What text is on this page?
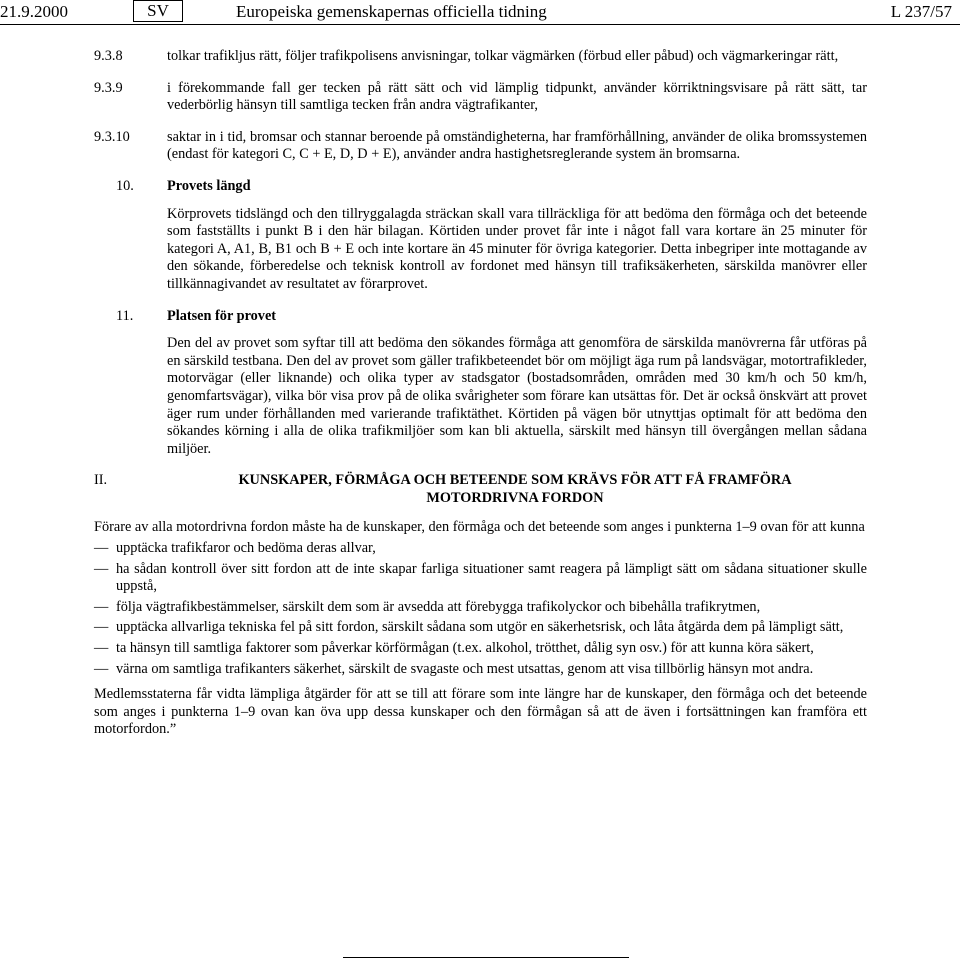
21.9.2000	SV	Europeiska gemenskapernas officiella tidning	L 237/57
9.3.8	tolkar trafikljus rätt, följer trafikpolisens anvisningar, tolkar vägmärken (förbud eller påbud) och vägmarkeringar rätt,
9.3.9	i förekommande fall ger tecken på rätt sätt och vid lämplig tidpunkt, använder körriktningsvisare på rätt sätt, tar vederbörlig hänsyn till samtliga tecken från andra vägtrafikanter,
9.3.10	saktar in i tid, bromsar och stannar beroende på omständigheterna, har framförhållning, använder de olika bromssystemen (endast för kategori C, C + E, D, D + E), använder andra hastighetsreglerande system än bromsarna.
10. Provets längd
Körprovets tidslängd och den tillryggalagda sträckan skall vara tillräckliga för att bedöma den förmåga och det beteende som fastställts i punkt B i den här bilagan. Körtiden under provet får inte i något fall vara kortare än 25 minuter för kategori A, A1, B, B1 och B + E och inte kortare än 45 minuter för övriga kategorier. Detta inbegriper inte mottagande av den sökande, förberedelse och teknisk kontroll av fordonet med hänsyn till trafiksäkerheten, särskilda manövrer eller tillkännagivandet av resultatet av förarprovet.
11. Platsen för provet
Den del av provet som syftar till att bedöma den sökandes förmåga att genomföra de särskilda manövrerna får utföras på en särskild testbana. Den del av provet som gäller trafikbeteendet bör om möjligt äga rum på landsvägar, motortrafikleder, motorvägar (eller liknande) och olika typer av stadsgator (bostadsområden, områden med 30 km/h och 50 km/h, genomfartsvägar), vilka bör visa prov på de olika svårigheter som förare kan utsättas för. Det är också önskvärt att provet äger rum under förhållanden med varierande trafiktäthet. Körtiden på vägen bör utnyttjas optimalt för att bedöma den sökandes körning i alla de olika trafikmiljöer som kan bli aktuella, särskilt med hänsyn till övergången mellan sådana miljöer.
II.	KUNSKAPER, FÖRMÅGA OCH BETEENDE SOM KRÄVS FÖR ATT FÅ FRAMFÖRA MOTORDRIVNA FORDON
Förare av alla motordrivna fordon måste ha de kunskaper, den förmåga och det beteende som anges i punkterna 1–9 ovan för att kunna
— upptäcka trafikfaror och bedöma deras allvar,
— ha sådan kontroll över sitt fordon att de inte skapar farliga situationer samt reagera på lämpligt sätt om sådana situationer skulle uppstå,
— följa vägtrafikbestämmelser, särskilt dem som är avsedda att förebygga trafikolyckor och bibehålla trafikrytmen,
— upptäcka allvarliga tekniska fel på sitt fordon, särskilt sådana som utgör en säkerhetsrisk, och låta åtgärda dem på lämpligt sätt,
— ta hänsyn till samtliga faktorer som påverkar körförmågan (t.ex. alkohol, trötthet, dålig syn osv.) för att kunna köra säkert,
— värna om samtliga trafikanters säkerhet, särskilt de svagaste och mest utsattas, genom att visa tillbörlig hänsyn mot andra.
Medlemsstaterna får vidta lämpliga åtgärder för att se till att förare som inte längre har de kunskaper, den förmåga och det beteende som anges i punkterna 1–9 ovan kan öva upp dessa kunskaper och den förmågan så att de även i fortsättningen kan framföra ett motorfordon.”
